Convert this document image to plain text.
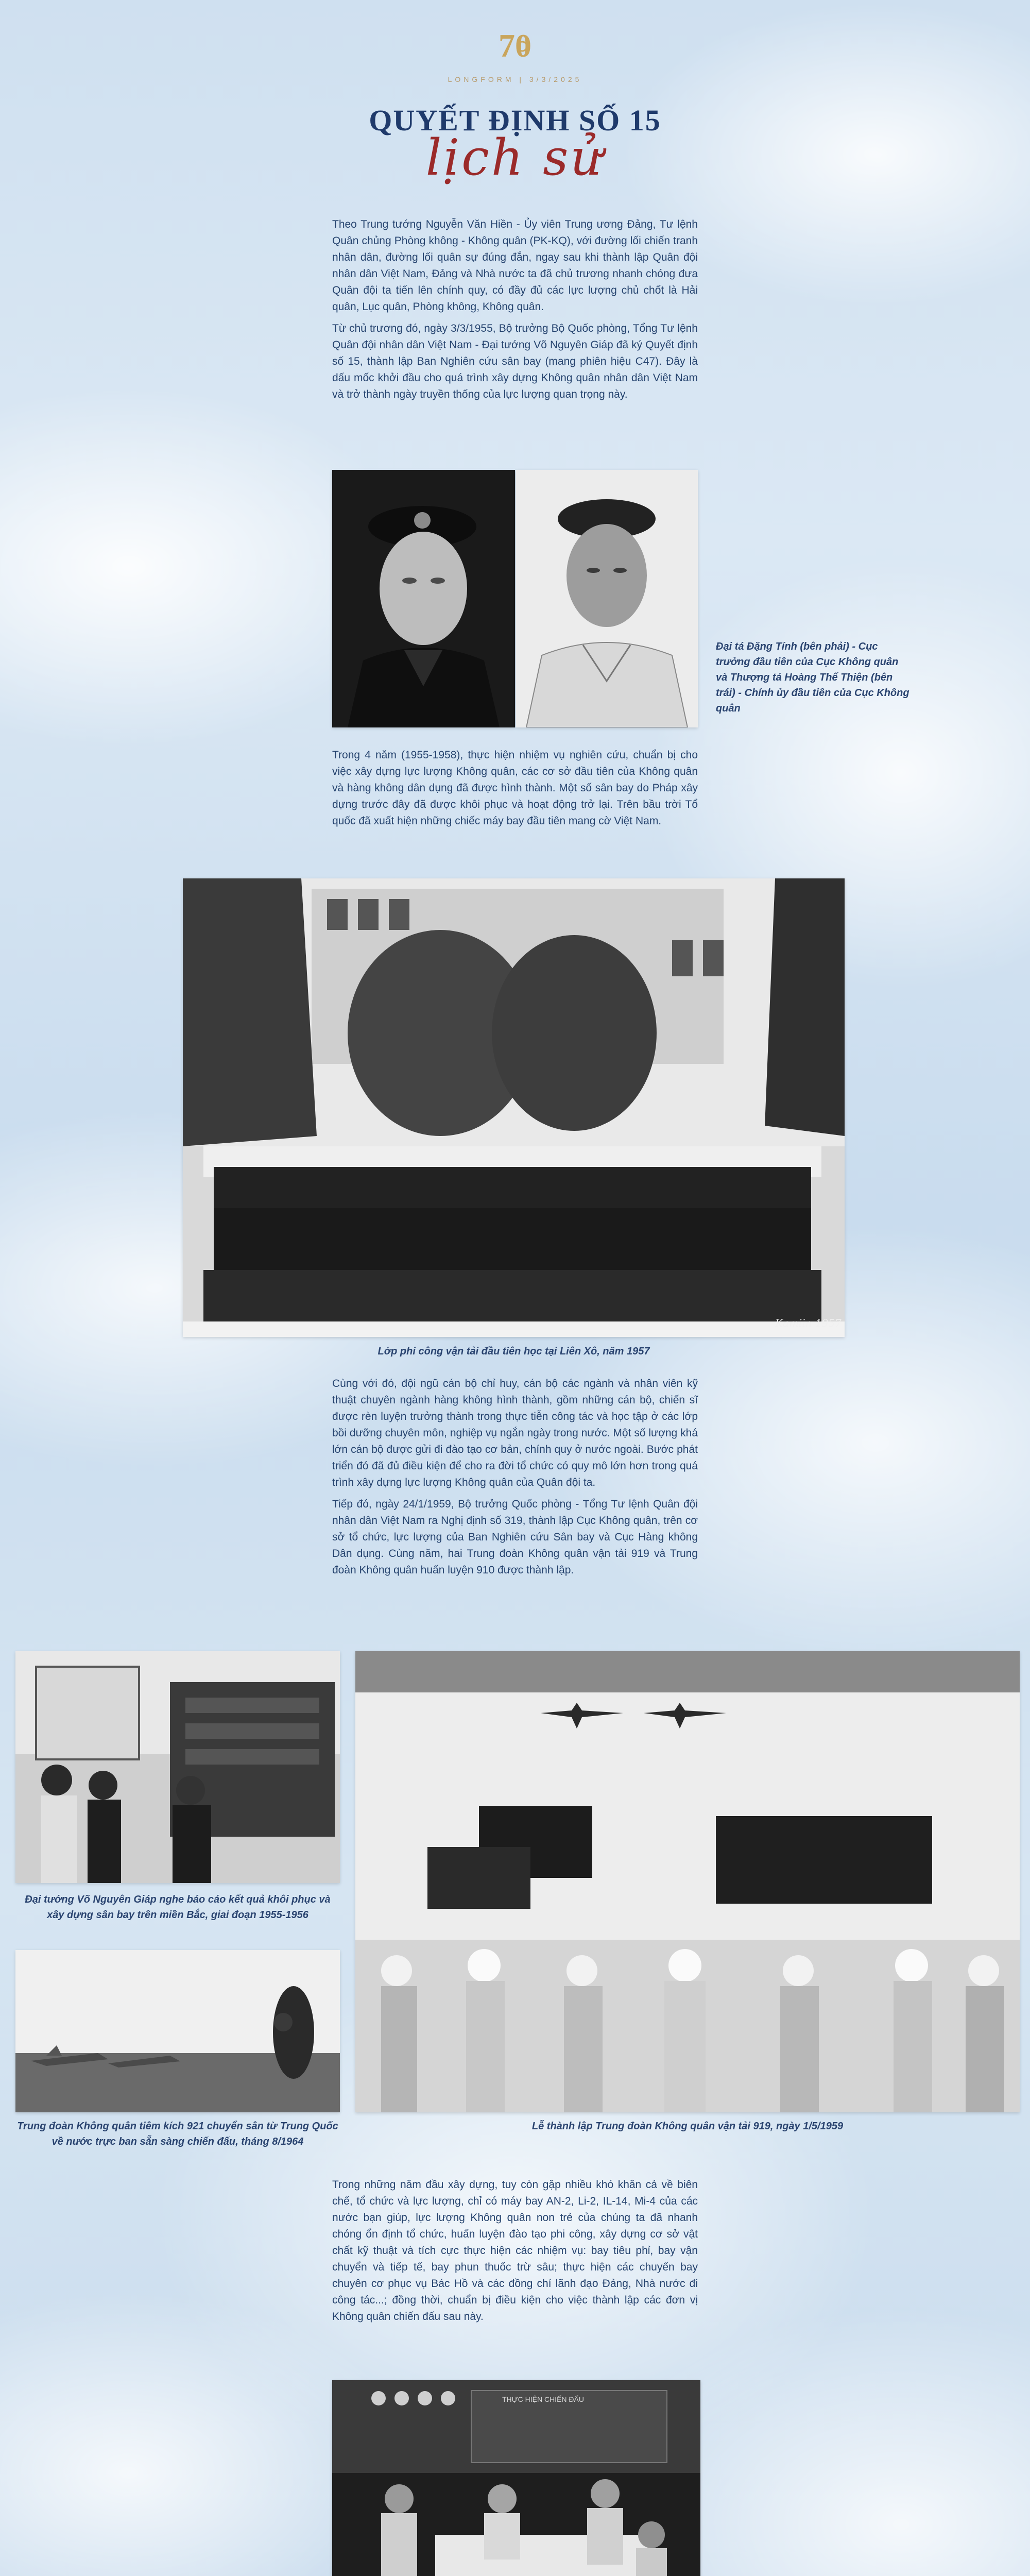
70
LONGFORM | 3/3/2025
QUYẾT ĐỊNH SỐ 15
lịch sử

Theo Trung tướng Nguyễn Văn Hiền - Ủy viên Trung ương Đảng, Tư lệnh Quân chủng Phòng không - Không quân (PK-KQ), với đường lối chiến tranh nhân dân, đường lối quân sự đúng đắn, ngay sau khi thành lập Quân đội nhân dân Việt Nam, Đảng và Nhà nước ta đã chủ trương nhanh chóng đưa Quân đội ta tiến lên chính quy, có đầy đủ các lực lượng chủ chốt là Hải quân, Lục quân, Phòng không, Không quân.

Từ chủ trương đó, ngày 3/3/1955, Bộ trưởng Bộ Quốc phòng, Tổng Tư lệnh Quân đội nhân dân Việt Nam - Đại tướng Võ Nguyên Giáp đã ký Quyết định số 15, thành lập Ban Nghiên cứu sân bay (mang phiên hiệu C47). Đây là dấu mốc khởi đầu cho quá trình xây dựng Không quân nhân dân Việt Nam và trở thành ngày truyền thống của lực lượng quan trọng này.

Đại tá Đặng Tính (bên phải) - Cục trưởng đầu tiên của Cục Không quân và Thượng tá Hoàng Thế Thiện (bên trái) - Chính ủy đầu tiên của Cục Không quân

Trong 4 năm (1955-1958), thực hiện nhiệm vụ nghiên cứu, chuẩn bị cho việc xây dựng lực lượng Không quân, các cơ sở đầu tiên của Không quân và hàng không dân dụng đã được hình thành. Một số sân bay do Pháp xây dựng trước đây đã được khôi phục và hoạt động trở lại. Trên bầu trời Tổ quốc đã xuất hiện những chiếc máy bay đầu tiên mang cờ Việt Nam.

Kamiin 1957
Lớp phi công vận tải đầu tiên học tại Liên Xô, năm 1957

Cùng với đó, đội ngũ cán bộ chỉ huy, cán bộ các ngành và nhân viên kỹ thuật chuyên ngành hàng không hình thành, gồm những cán bộ, chiến sĩ được rèn luyện trưởng thành trong thực tiễn công tác và học tập ở các lớp bồi dưỡng chuyên môn, nghiệp vụ ngắn ngày trong nước. Một số lượng khá lớn cán bộ được gửi đi đào tạo cơ bản, chính quy ở nước ngoài. Bước phát triển đó đã đủ điều kiện để cho ra đời tổ chức có quy mô lớn hơn trong quá trình xây dựng lực lượng Không quân của Quân đội ta.

Tiếp đó, ngày 24/1/1959, Bộ trưởng Quốc phòng - Tổng Tư lệnh Quân đội nhân dân Việt Nam ra Nghị định số 319, thành lập Cục Không quân, trên cơ sở tổ chức, lực lượng của Ban Nghiên cứu Sân bay và Cục Hàng không Dân dụng. Cùng năm, hai Trung đoàn Không quân vận tải 919 và Trung đoàn Không quân huấn luyện 910 được thành lập.

Đại tướng Võ Nguyên Giáp nghe báo cáo kết quả khôi phục và xây dựng sân bay trên miền Bắc, giai đoạn 1955-1956
Trung đoàn Không quân tiêm kích 921 chuyển sân từ Trung Quốc về nước trực ban sẵn sàng chiến đấu, tháng 8/1964
Lễ thành lập Trung đoàn Không quân vận tải 919, ngày 1/5/1959

Trong những năm đầu xây dựng, tuy còn gặp nhiều khó khăn cả về biên chế, tổ chức và lực lượng, chỉ có máy bay AN-2, Li-2, IL-14, Mi-4 của các nước bạn giúp, lực lượng Không quân non trẻ của chúng ta đã nhanh chóng ổn định tổ chức, huấn luyện đào tạo phi công, xây dựng cơ sở vật chất kỹ thuật và tích cực thực hiện các nhiệm vụ: bay tiêu phỉ, bay vận chuyển và tiếp tế, bay phun thuốc trừ sâu; thực hiện các chuyến bay chuyên cơ phục vụ Bác Hồ và các đồng chí lãnh đạo Đảng, Nhà nước đi công tác...; đồng thời, chuẩn bị điều kiện cho việc thành lập các đơn vị Không quân chiến đấu sau này.

THỰC HIỆN CHIẾN ĐẤU
